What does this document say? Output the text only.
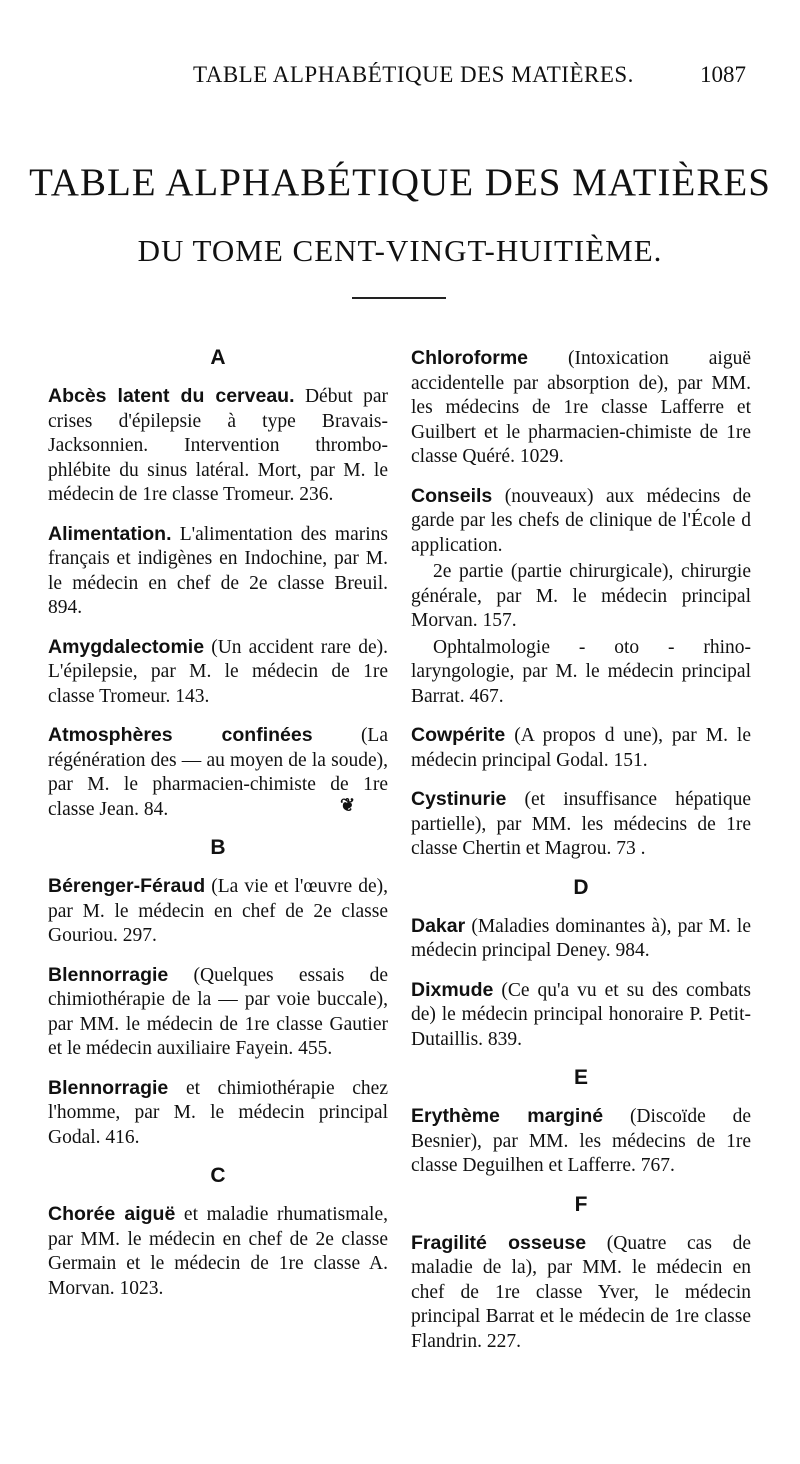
TABLE ALPHABÉTIQUE DES MATIÈRES.	1087
TABLE ALPHABÉTIQUE DES MATIÈRES
DU TOME CENT-VINGT-HUITIÈME.
A

Abcès latent du cerveau. Début par crises d'épilepsie à type Bravais-Jacksonnien. Intervention thrombo-phlébite du sinus latéral. Mort, par M. le médecin de 1re classe Tromeur. 236.

Alimentation. L'alimentation des marins français et indigènes en Indochine, par M. le médecin en chef de 2e classe Breuil. 894.

Amygdalectomie (Un accident rare de). L'épilepsie, par M. le médecin de 1re classe Tromeur. 143.

Atmosphères confinées (La régénération des — au moyen de la soude), par M. le pharmacien-chimiste de 1re classe Jean. 84.

B

Bérenger-Féraud (La vie et l'œuvre de), par M. le médecin en chef de 2e classe Gouriou. 297.

Blennorragie (Quelques essais de chimiothérapie de la — par voie buccale), par MM. le médecin de 1re classe Gautier et le médecin auxiliaire Fayein. 455.

Blennorragie et chimiothérapie chez l'homme, par M. le médecin principal Godal. 416.

C

Chorée aiguë et maladie rhumatismale, par MM. le médecin en chef de 2e classe Germain et le médecin de 1re classe A. Morvan. 1023.

❦

Chloroforme (Intoxication aiguë accidentelle par absorption de), par MM. les médecins de 1re classe Lafferre et Guilbert et le pharmacien-chimiste de 1re classe Quéré. 1029.

Conseils (nouveaux) aux médecins de garde par les chefs de clinique de l'École d application.

2e partie (partie chirurgicale), chirurgie générale, par M. le médecin principal Morvan. 157.

Ophtalmologie - oto - rhino-laryngologie, par M. le médecin principal Barrat. 467.

Cowpérite (A propos d une), par M. le médecin principal Godal. 151.

Cystinurie (et insuffisance hépatique partielle), par MM. les médecins de 1re classe Chertin et Magrou. 73 .

D

Dakar (Maladies dominantes à), par M. le médecin principal Deney. 984.

Dixmude (Ce qu'a vu et su des combats de) le médecin principal honoraire P. Petit-Dutaillis. 839.

E

Erythème marginé (Discoïde de Besnier), par MM. les médecins de 1re classe Deguilhen et Lafferre. 767.

F

Fragilité osseuse (Quatre cas de maladie de la), par MM. le médecin en chef de 1re classe Yver, le médecin principal Barrat et le médecin de 1re classe Flandrin. 227.
